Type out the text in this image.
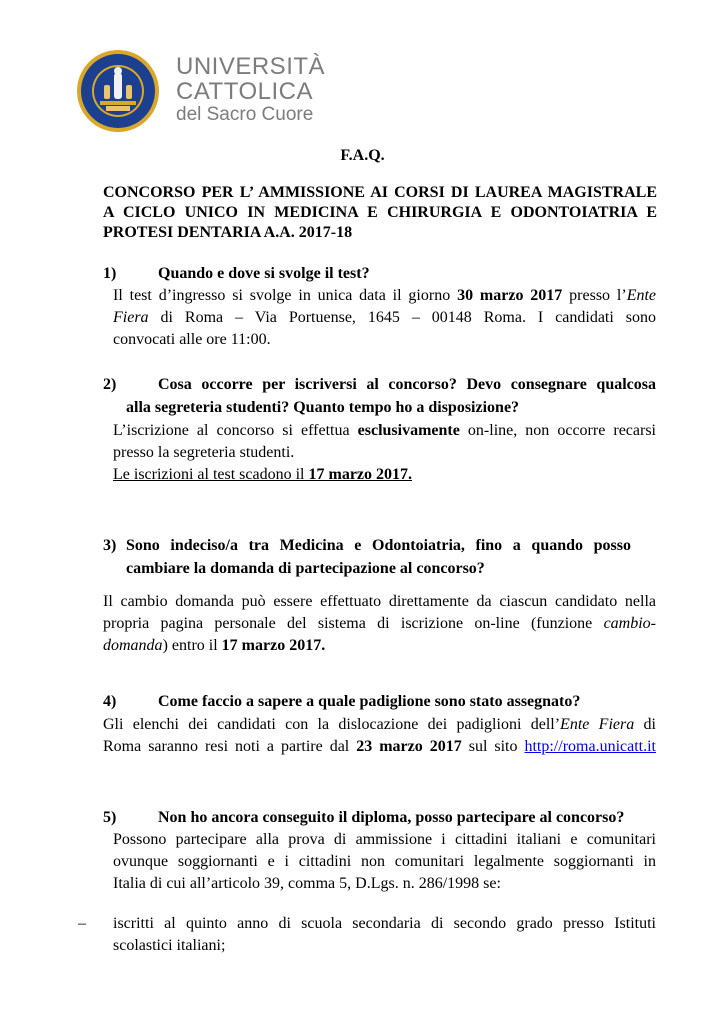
UNIVERSITÀ
CATTOLICA
del Sacro Cuore
F.A.Q.
CONCORSO PER L’ AMMISSIONE AI CORSI DI LAUREA MAGISTRALE
A CICLO UNICO IN MEDICINA E CHIRURGIA E ODONTOIATRIA E
PROTESI DENTARIA A.A. 2017-18
1)	Quando e dove si svolge il test?
Il test d’ingresso si svolge in unica data il giorno 30 marzo 2017 presso l’Ente
Fiera di Roma – Via Portuense, 1645 – 00148 Roma. I candidati sono
convocati alle ore 11:00.
2)	Cosa occorre per iscriversi al concorso? Devo consegnare qualcosa
alla segreteria studenti? Quanto tempo ho a disposizione?
L’iscrizione al concorso si effettua esclusivamente on-line, non occorre recarsi
presso la segreteria studenti.
Le iscrizioni al test scadono il 17 marzo 2017.
3) Sono indeciso/a tra Medicina e Odontoiatria, fino a quando posso
cambiare la domanda di partecipazione al concorso?
Il cambio domanda può essere effettuato direttamente da ciascun candidato nella
propria pagina personale del sistema di iscrizione on-line (funzione cambio-
domanda) entro il 17 marzo 2017.
4)	Come faccio a sapere a quale padiglione sono stato assegnato?
Gli elenchi dei candidati con la dislocazione dei padiglioni dell’Ente Fiera di
Roma saranno resi noti a partire dal 23 marzo 2017 sul sito http://roma.unicatt.it
5)	Non ho ancora conseguito il diploma, posso partecipare al concorso?
Possono partecipare alla prova di ammissione i cittadini italiani e comunitari
ovunque soggiornanti e i cittadini non comunitari legalmente soggiornanti in
Italia di cui all’articolo 39, comma 5, D.Lgs. n. 286/1998 se:
– iscritti al quinto anno di scuola secondaria di secondo grado presso Istituti
scolastici italiani;
